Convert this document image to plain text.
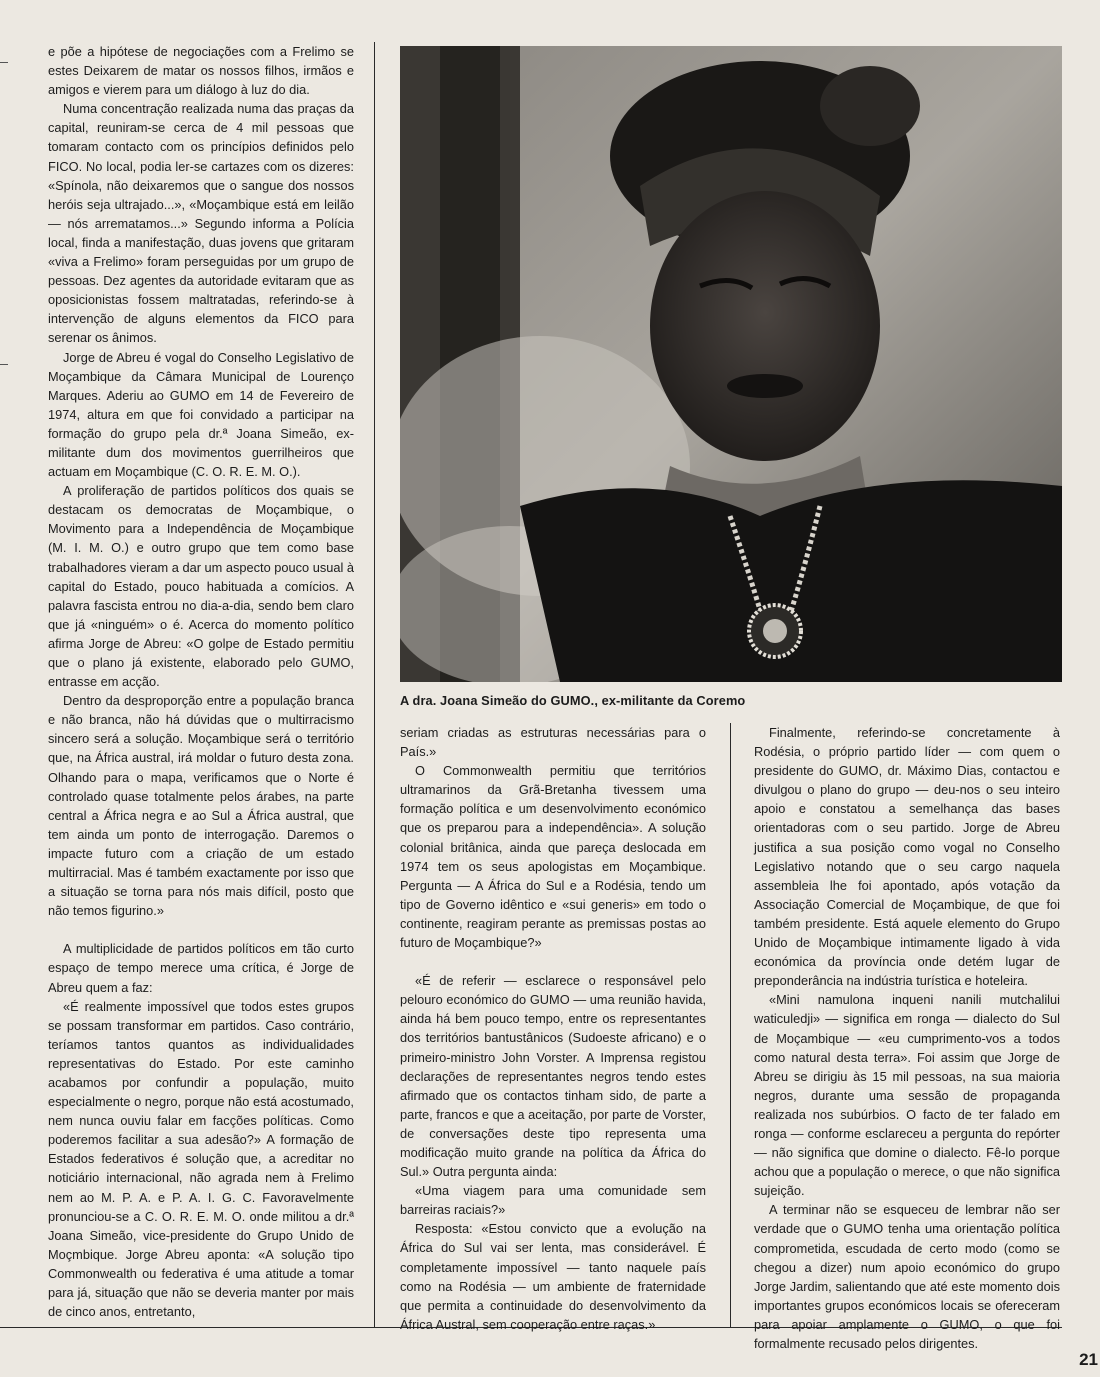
e põe a hipótese de negociações com a Frelimo se estes Deixarem de matar os nossos filhos, irmãos e amigos e vierem para um diálogo à luz do dia.

Numa concentração realizada numa das praças da capital, reuniram-se cerca de 4 mil pessoas que tomaram contacto com os princípios definidos pelo FICO. No local, podia ler-se cartazes com os dizeres: «Spínola, não deixaremos que o sangue dos nossos heróis seja ultrajado...», «Moçambique está em leilão — nós arrematamos...» Segundo informa a Polícia local, finda a manifestação, duas jovens que gritaram «viva a Frelimo» foram perseguidas por um grupo de pessoas. Dez agentes da autoridade evitaram que as oposicionistas fossem maltratadas, referindo-se à intervenção de alguns elementos da FICO para serenar os ânimos.

Jorge de Abreu é vogal do Conselho Legislativo de Moçambique da Câmara Municipal de Lourenço Marques. Aderiu ao GUMO em 14 de Fevereiro de 1974, altura em que foi convidado a participar na formação do grupo pela dr.ª Joana Simeão, ex-militante dum dos movimentos guerrilheiros que actuam em Moçambique (C. O. R. E. M. O.).

A proliferação de partidos políticos dos quais se destacam os democratas de Moçambique, o Movimento para a Independência de Moçambique (M. I. M. O.) e outro grupo que tem como base trabalhadores vieram a dar um aspecto pouco usual à capital do Estado, pouco habituada a comícios. A palavra fascista entrou no dia-a-dia, sendo bem claro que já «ninguém» o é. Acerca do momento político afirma Jorge de Abreu: «O golpe de Estado permitiu que o plano já existente, elaborado pelo GUMO, entrasse em acção.

Dentro da desproporção entre a população branca e não branca, não há dúvidas que o multirracismo sincero será a solução. Moçambique será o território que, na África austral, irá moldar o futuro desta zona. Olhando para o mapa, verificamos que o Norte é controlado quase totalmente pelos árabes, na parte central a África negra e ao Sul a África austral, que tem ainda um ponto de interrogação. Daremos o impacte futuro com a criação de um estado multirracial. Mas é também exactamente por isso que a situação se torna para nós mais difícil, posto que não temos figurino.»

A multiplicidade de partidos políticos em tão curto espaço de tempo merece uma crítica, é Jorge de Abreu quem a faz:

«É realmente impossível que todos estes grupos se possam transformar em partidos. Caso contrário, teríamos tantos quantos as individualidades representativas do Estado. Por este caminho acabamos por confundir a população, muito especialmente o negro, porque não está acostumado, nem nunca ouviu falar em facções políticas. Como poderemos facilitar a sua adesão?» A formação de Estados federativos é solução que, a acreditar no noticiário internacional, não agrada nem à Frelimo nem ao M. P. A. e P. A. I. G. C. Favoravelmente pronunciou-se a C. O. R. E. M. O. onde militou a dr.ª Joana Simeão, vice-presidente do Grupo Unido de Moçmbique. Jorge Abreu aponta: «A solução tipo Commonwealth ou federativa é uma atitude a tomar para já, situação que não se deveria manter por mais de cinco anos, entretanto,

A dra. Joana Simeão do GUMO., ex-militante da Coremo

seriam criadas as estruturas necessárias para o País.»

O Commonwealth permitiu que territórios ultramarinos da Grã-Bretanha tivessem uma formação política e um desenvolvimento económico que os preparou para a independência». A solução colonial britânica, ainda que pareça deslocada em 1974 tem os seus apologistas em Moçambique. Pergunta — A África do Sul e a Rodésia, tendo um tipo de Governo idêntico e «sui generis» em todo o continente, reagiram perante as premissas postas ao futuro de Moçambique?»

«É de referir — esclarece o responsável pelo pelouro económico do GUMO — uma reunião havida, ainda há bem pouco tempo, entre os representantes dos territórios bantustânicos (Sudoeste africano) e o primeiro-ministro John Vorster. A Imprensa registou declarações de representantes negros tendo estes afirmado que os contactos tinham sido, de parte a parte, francos e que a aceitação, por parte de Vorster, de conversações deste tipo representa uma modificação muito grande na política da África do Sul.» Outra pergunta ainda:

«Uma viagem para uma comunidade sem barreiras raciais?»

Resposta: «Estou convicto que a evolução na África do Sul vai ser lenta, mas considerável. É completamente impossível — tanto naquele país como na Rodésia — um ambiente de fraternidade que permita a continuidade do desenvolvimento da África Austral, sem cooperação entre raças.»

Finalmente, referindo-se concretamente à Rodésia, o próprio partido líder — com quem o presidente do GUMO, dr. Máximo Dias, contactou e divulgou o plano do grupo — deu-nos o seu inteiro apoio e constatou a semelhança das bases orientadoras com o seu partido. Jorge de Abreu justifica a sua posição como vogal no Conselho Legislativo notando que o seu cargo naquela assembleia lhe foi apontado, após votação da Associação Comercial de Moçambique, de que foi também presidente. Está aquele elemento do Grupo Unido de Moçambique intimamente ligado à vida económica da província onde detém lugar de preponderância na indústria turística e hoteleira.

«Mini namulona inqueni nanili mutchalilui waticuledji» — significa em ronga — dialecto do Sul de Moçambique — «eu cumprimento-vos a todos como natural desta terra». Foi assim que Jorge de Abreu se dirigiu às 15 mil pessoas, na sua maioria negros, durante uma sessão de propaganda realizada nos subúrbios. O facto de ter falado em ronga — conforme esclareceu a pergunta do repórter — não significa que domine o dialecto. Fê-lo porque achou que a população o merece, o que não significa sujeição.

A terminar não se esqueceu de lembrar não ser verdade que o GUMO tenha uma orientação política comprometida, escudada de certo modo (como se chegou a dizer) num apoio económico do grupo Jorge Jardim, salientando que até este momento dois importantes grupos económicos locais se ofereceram para apoiar amplamente o GUMO, o que foi formalmente recusado pelos dirigentes.

21
